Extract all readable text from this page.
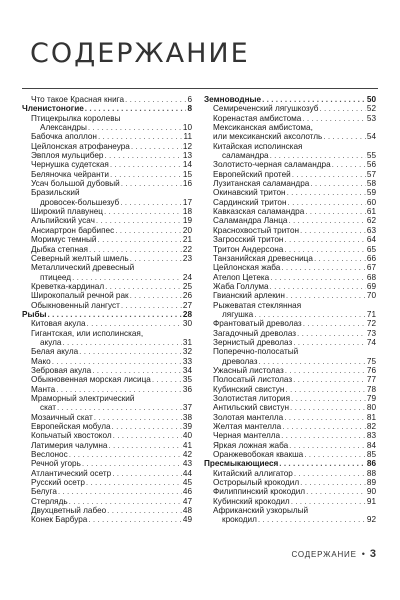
СОДЕРЖАНИЕ
Что такое Красная книга . . .	6
Членистоногие . . .	8
Птицекрылка королевы
Александры . . .	10
Бабочка аполлон . . .	11
Цейлонская атрофанеура . . .	12
Эвплоя мульцибер . . .	13
Чернушка судетская . . .	14
Беляночка чейранти . . .	15
Усач большой дубовый . . .	16
Бразильский
дровосек-большезуб . . .	17
Широкий плавунец . . .	18
Альпийский усач . . .	19
Ансиартрон барбипес . . .	20
Моримус темный . . .	21
Дыбка степная . . .	22
Северный желтый шмель . . .	23
Металлический древесный
птицеед . . .	24
Креветка-кардинал . . .	25
Широкопалый речной рак . . .	26
Обыкновенный лангуст . . .	27
Рыбы . . .	28
Китовая акула . . .	30
Гигантская, или исполинская,
акула . . .	31
Белая акула . . .	32
Мако . . .	33
Зебровая акула . . .	34
Обыкновенная морская лисица . . .	35
Манта . . .	36
Мраморный электрический
скат . . .	37
Мозаичный скат . . .	38
Европейская мобула . . .	39
Копьчатый хвостокол . . .	40
Латимерия чалумна . . .	41
Веслонос . . .	42
Речной угорь . . .	43
Атлантический осетр . . .	44
Русский осетр . . .	45
Белуга . . .	46
Стерлядь . . .	47
Двухцветный лабео . . .	48
Конек Барбура . . .	49
Земноводные . . .	50
Семиреченский лягушкозуб . . .	52
Коренастая амбистома . . .	53
Мексиканская амбистома,
или мексиканский аксолотль . . .	54
Китайская исполинская
саламандра . . .	55
Золотисто-черная саламандра . . .	56
Европейский протей . . .	57
Лузитанская саламандра . . .	58
Окинавский тритон . . .	59
Сардинский тритон . . .	60
Кавказская саламандра . . .	61
Саламандра Ланца . . .	62
Краснохвостый тритон . . .	63
Загросский тритон . . .	64
Тритон Андерсона . . .	65
Танзанийская древесница . . .	66
Цейлонская жаба . . .	67
Ателоп Цетека . . .	68
Жаба Голлума . . .	69
Гвианский арлекин . . .	70
Рыжеватая стеклянная
лягушка . . .	71
Франтоватый древолаз . . .	72
Загадочный древолаз . . .	73
Зернистый древолаз . . .	74
Поперечно-полосатый
древолаз . . .	75
Ужасный листолаз . . .	76
Полосатый листолаз . . .	77
Кубинский свистун . . .	78
Золотистая литория . . .	79
Антильский свистун . . .	80
Золотая мантелла . . .	81
Желтая мантелла . . .	82
Черная мантелла . . .	83
Яркая ложная жаба . . .	84
Оранжевобокая квакша . . .	85
Пресмыкающиеся . . .	86
Китайский аллигатор . . .	88
Острорылый крокодил . . .	89
Филиппинский крокодил . . .	90
Кубинский крокодил . . .	91
Африканский узкорылый
крокодил . . .	92
СОДЕРЖАНИЕ • 3
